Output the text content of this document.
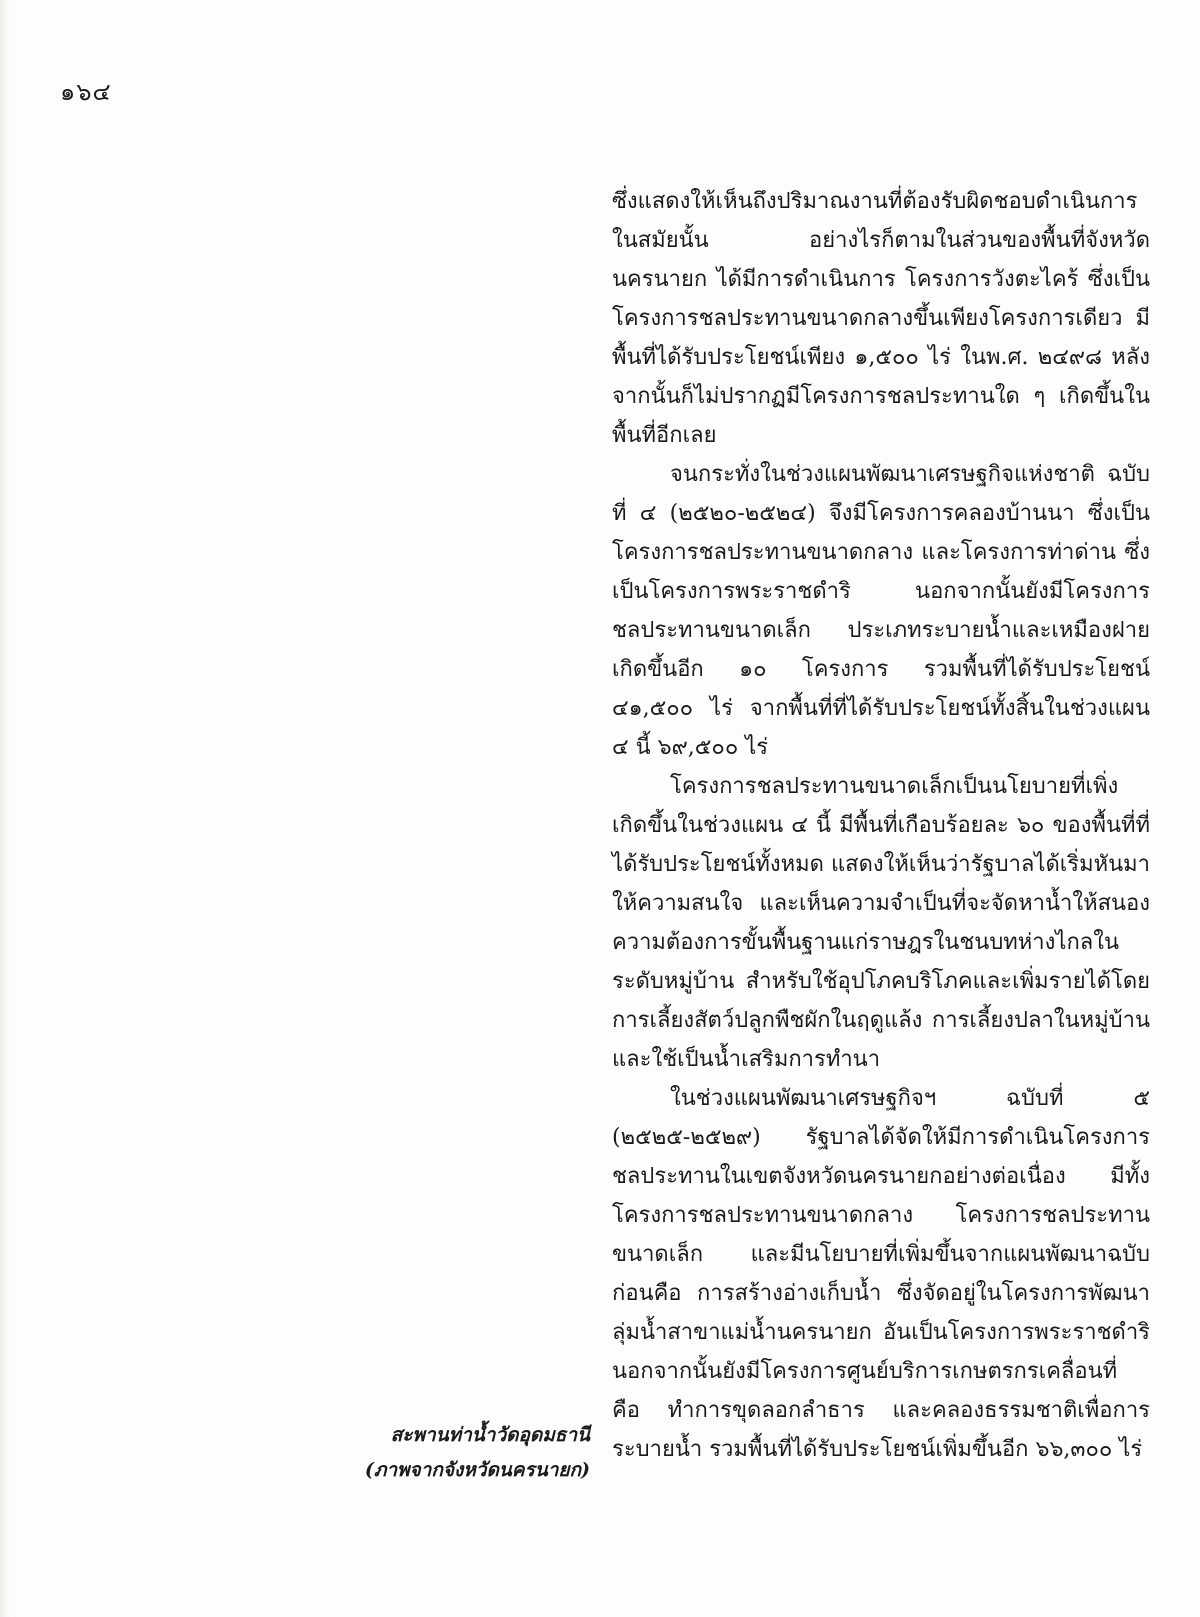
๑๖๔

ซึ่งแสดงให้เห็นถึงปริมาณงานที่ต้องรับผิดชอบดำเนินการในสมัยนั้น อย่างไรก็ตามในส่วนของพื้นที่จังหวัดนครนายก ได้มีการดำเนินการ โครงการวังตะไคร้ ซึ่งเป็นโครงการชลประทานขนาดกลางขึ้นเพียงโครงการเดียว มีพื้นที่ได้รับประโยชน์เพียง ๑,๕๐๐ ไร่ ในพ.ศ. ๒๔๙๘ หลังจากนั้นก็ไม่ปรากฏมีโครงการชลประทานใด ๆ เกิดขึ้นในพื้นที่อีกเลย

จนกระทั่งในช่วงแผนพัฒนาเศรษฐกิจแห่งชาติ ฉบับที่ ๔ (๒๕๒๐-๒๕๒๔) จึงมีโครงการคลองบ้านนา ซึ่งเป็นโครงการชลประทานขนาดกลาง และโครงการท่าด่าน ซึ่งเป็นโครงการพระราชดำริ นอกจากนั้นยังมีโครงการชลประทานขนาดเล็ก ประเภทระบายน้ำและเหมืองฝาย เกิดขึ้นอีก ๑๐ โครงการ รวมพื้นที่ได้รับประโยชน์ ๔๑,๕๐๐ ไร่ จากพื้นที่ที่ได้รับประโยชน์ทั้งสิ้นในช่วงแผน ๔ นี้ ๖๙,๕๐๐ ไร่

โครงการชลประทานขนาดเล็กเป็นนโยบายที่เพิ่งเกิดขึ้นในช่วงแผน ๔ นี้ มีพื้นที่เกือบร้อยละ ๖๐ ของพื้นที่ที่ได้รับประโยชน์ทั้งหมด แสดงให้เห็นว่ารัฐบาลได้เริ่มหันมาให้ความสนใจ และเห็นความจำเป็นที่จะจัดหาน้ำให้สนองความต้องการขั้นพื้นฐานแก่ราษฎรในชนบทห่างไกลในระดับหมู่บ้าน สำหรับใช้อุปโภคบริโภคและเพิ่มรายได้โดยการเลี้ยงสัตว์ปลูกพืชผักในฤดูแล้ง การเลี้ยงปลาในหมู่บ้าน และใช้เป็นน้ำเสริมการทำนา

ในช่วงแผนพัฒนาเศรษฐกิจฯ ฉบับที่ ๕ (๒๕๒๕-๒๕๒๙) รัฐบาลได้จัดให้มีการดำเนินโครงการชลประทานในเขตจังหวัดนครนายกอย่างต่อเนื่อง มีทั้งโครงการชลประทานขนาดกลาง โครงการชลประทานขนาดเล็ก และมีนโยบายที่เพิ่มขึ้นจากแผนพัฒนาฉบับก่อนคือ การสร้างอ่างเก็บน้ำ ซึ่งจัดอยู่ในโครงการพัฒนาลุ่มน้ำสาขาแม่น้ำนครนายก อันเป็นโครงการพระราชดำริ นอกจากนั้นยังมีโครงการศูนย์บริการเกษตรกรเคลื่อนที่ คือ ทำการขุดลอกลำธาร และคลองธรรมชาติเพื่อการระบายน้ำ รวมพื้นที่ได้รับประโยชน์เพิ่มขึ้นอีก ๖๖,๓๐๐ ไร่

สะพานท่าน้ำวัดอุดมธานี
(ภาพจากจังหวัดนครนายก)
